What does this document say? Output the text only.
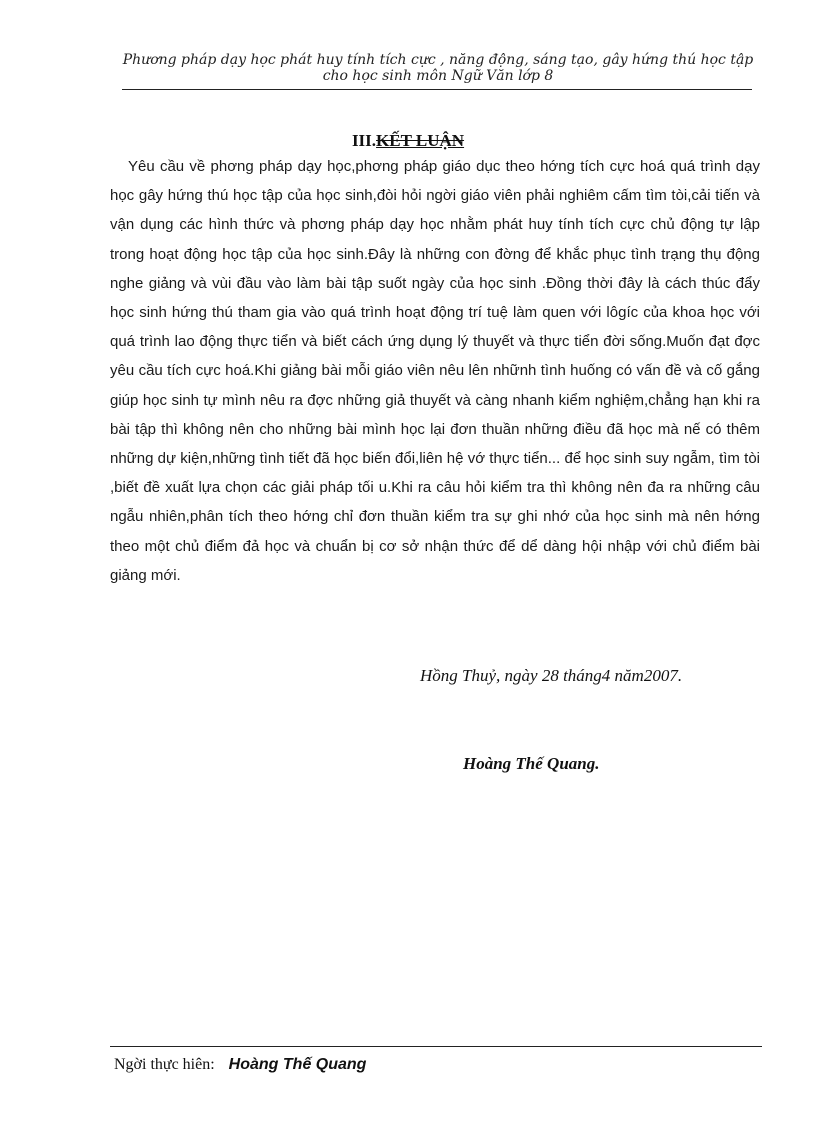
Phương pháp dạy học phát huy tính tích cực , năng động, sáng tạo, gây hứng thú học tập cho học sinh môn Ngữ Văn lớp 8
III.KẾT LUẬN

Yêu cầu về phơng pháp dạy học,phơng pháp giáo dục theo hớng tích cực hoá quá trình dạy học gây hứng thú học tập của học sinh,đòi hỏi ngời giáo viên phải nghiêm cấm tìm tòi,cải tiến và vận dụng các hình thức và phơng pháp dạy học nhằm phát huy tính tích cực chủ động tự lập trong hoạt động học tập của học sinh.Đây là những con đờng để khắc phục tình trạng thụ động nghe giảng và vùi đầu vào làm bài tập suốt ngày của học sinh .Đồng thời đây là cách thúc đẩy học sinh hứng thú tham gia vào quá trình hoạt động trí tuệ làm quen với lôgíc của khoa học với quá trình lao động thực tiển và biết cách ứng dụng lý thuyết và thực tiển đời sống.Muốn đạt đợc yêu cầu tích cực hoá.Khi giảng bài mỗi giáo viên nêu lên nhữnh tình huống có vấn đề và cố gắng giúp học sinh tự mình nêu ra đợc những giả thuyết và càng nhanh kiểm nghiệm,chẳng hạn khi ra bài tập thì không nên cho những bài mình học lại đơn thuần những điều đã học mà nế có thêm những dự kiện,những tình tiết đã học biến đổi,liên hệ vớ thực tiển... để học sinh suy ngẫm, tìm tòi ,biết đề xuất lựa chọn các giải pháp tối u.Khi ra câu hỏi kiểm tra thì không nên đa ra những câu ngẫu nhiên,phân tích theo hớng chỉ đơn thuần kiểm tra sự ghi nhớ của học sinh mà nên hớng theo một chủ điểm đả học và chuẩn bị cơ sở nhận thức để dể dàng hội nhập với chủ điểm bài giảng mới.

Hồng Thuỷ, ngày 28 tháng4 năm2007.
Hoàng Thế Quang.
Ngời thực hiên: Hoàng Thế Quang
